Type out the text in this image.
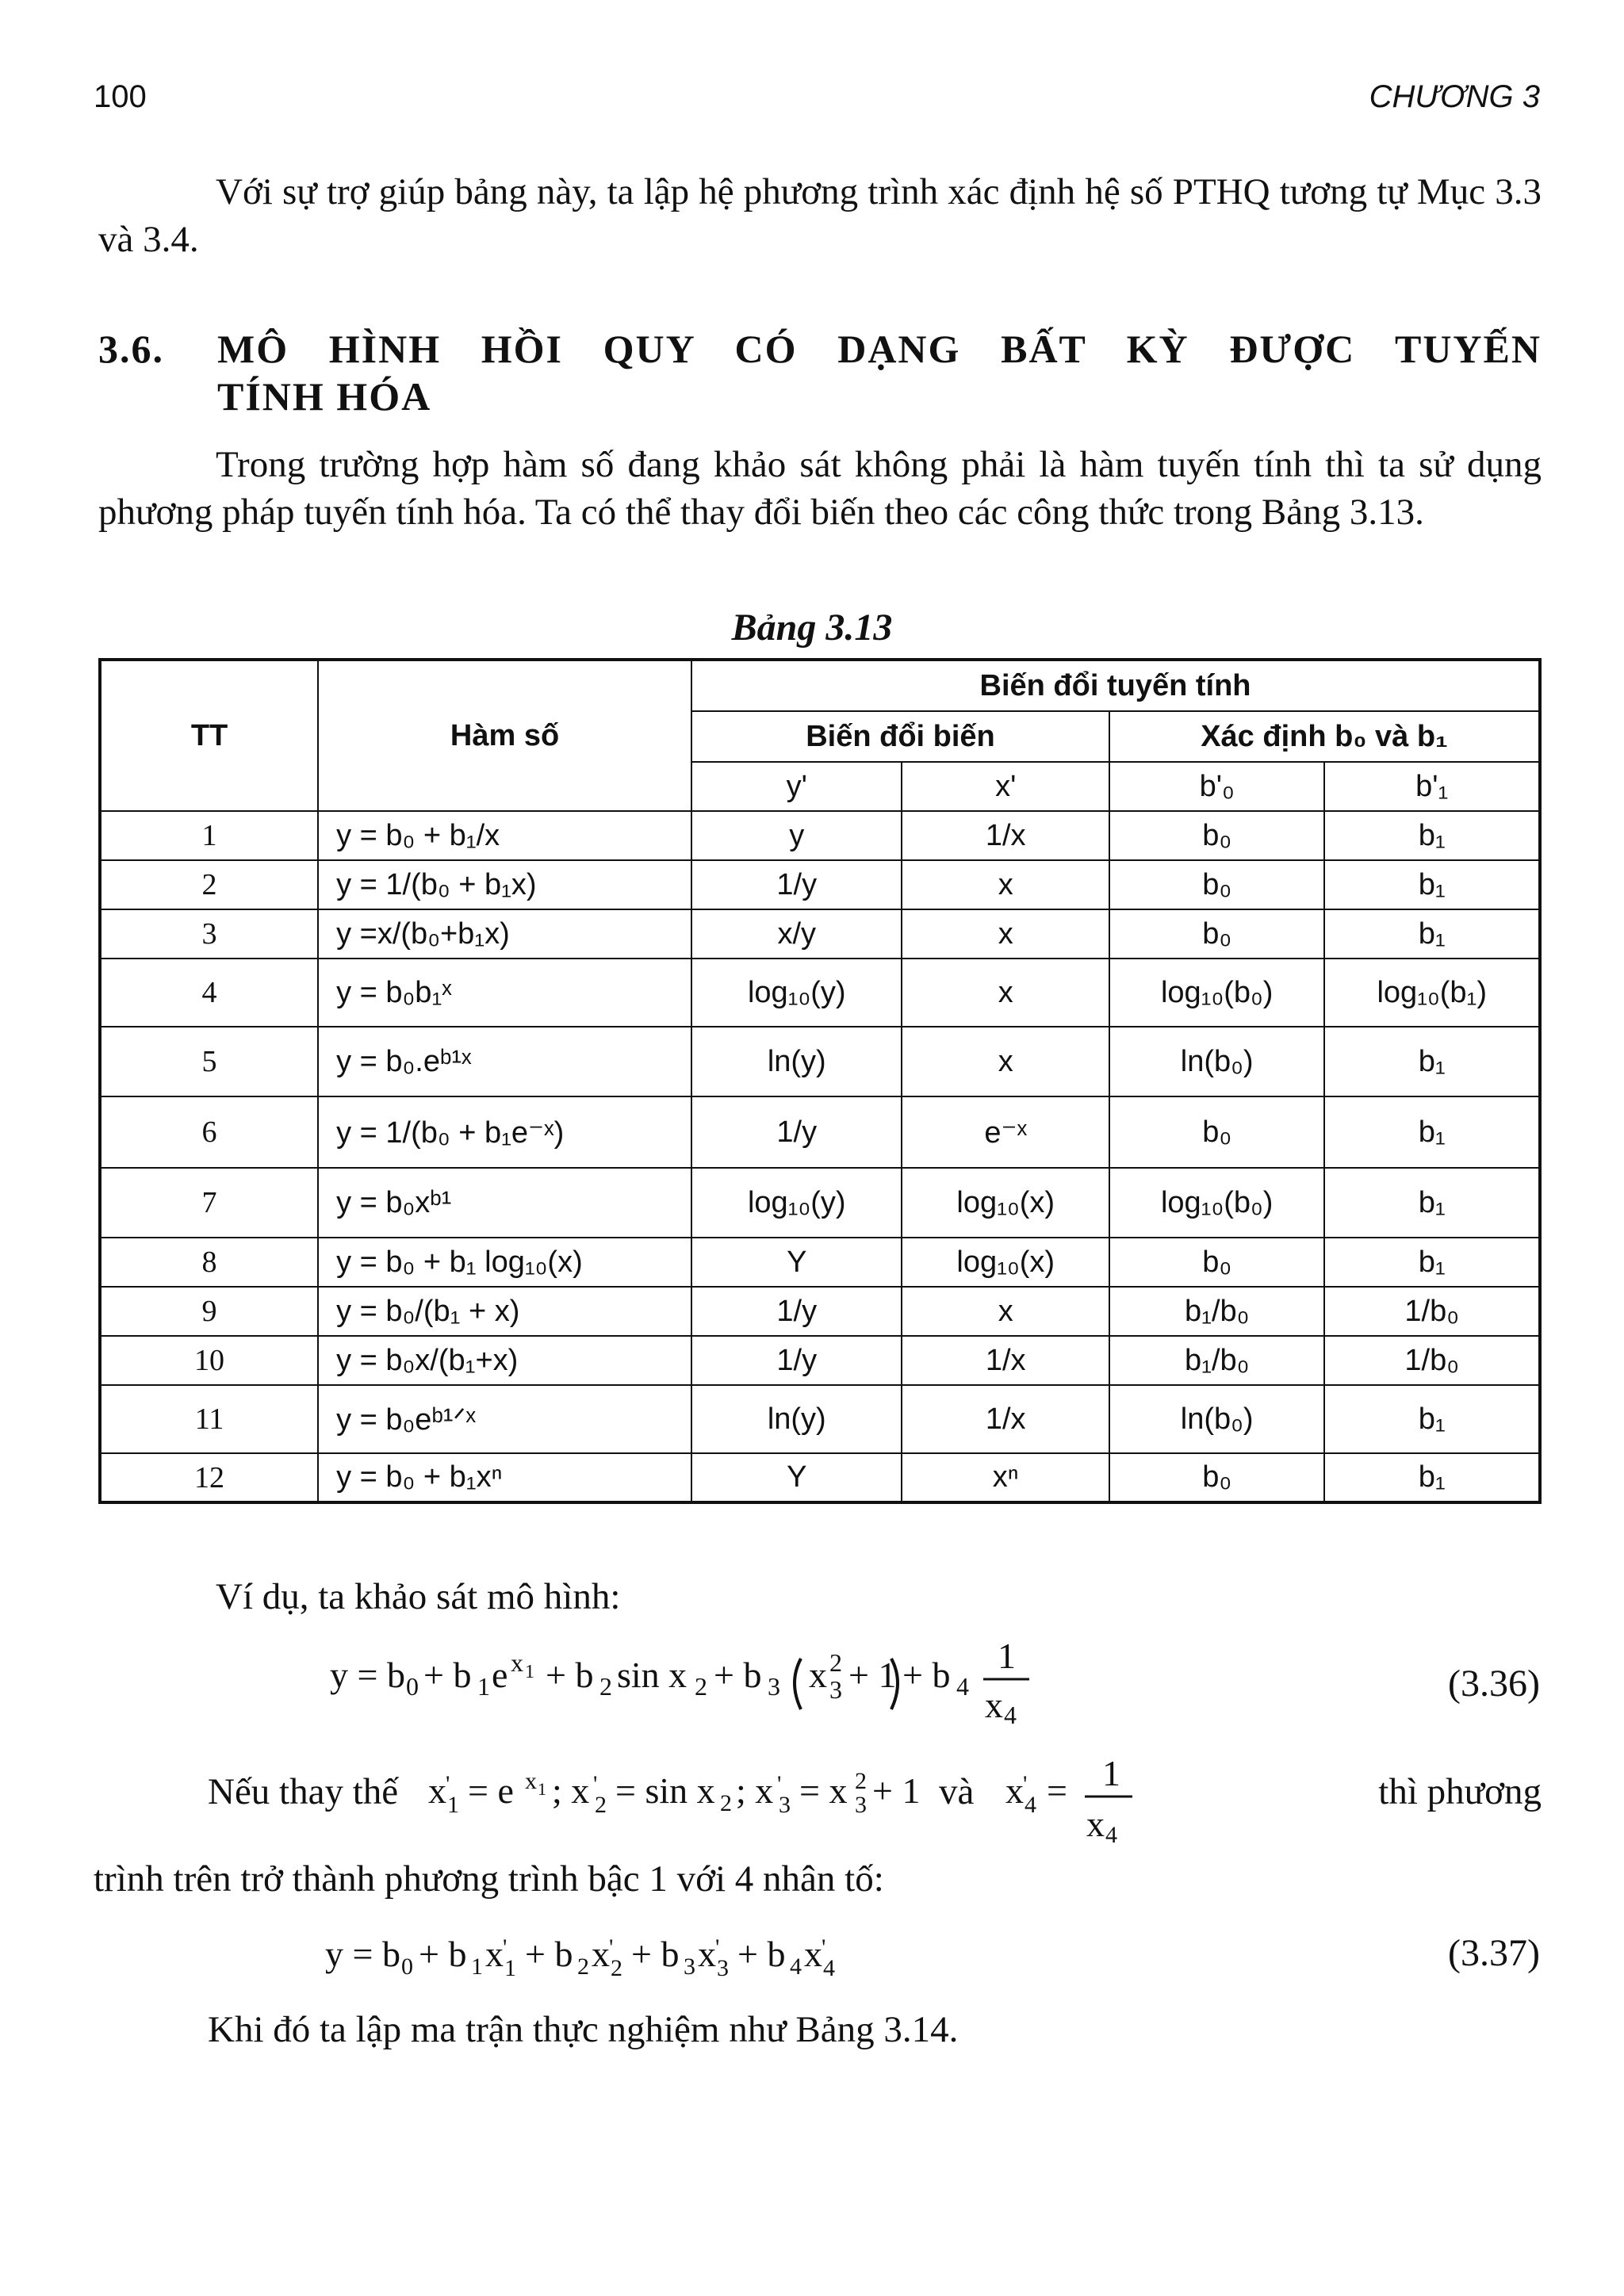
100	CHƯƠNG 3
Với sự trợ giúp bảng này, ta lập hệ phương trình xác định hệ số PTHQ tương tự Mục 3.3 và 3.4.
3.6.	MÔ HÌNH HỒI QUY CÓ DẠNG BẤT KỲ ĐƯỢC TUYẾN
TÍNH HÓA
Trong trường hợp hàm số đang khảo sát không phải là hàm tuyến tính thì ta sử dụng phương pháp tuyến tính hóa. Ta có thể thay đổi biến theo các công thức trong Bảng 3.13.
Bảng 3.13
TT	Hàm số	Biến đổi tuyến tính			
		Biến đổi biến		Xác định b₀ và b₁	
		y'	x'	b'₀	b'₁
1	y = b₀ + b₁/x	y	1/x	b₀	b₁
2	y = 1/(b₀ + b₁x)	1/y	x	b₀	b₁
3	y =x/(b₀+b₁x)	x/y	x	b₀	b₁
4	y = b₀b₁ˣ	log₁₀(y)	x	log₁₀(b₀)	log₁₀(b₁)
5	y = b₀.eᵇ¹ˣ	ln(y)	x	ln(b₀)	b₁
6	y = 1/(b₀ + b₁e⁻ˣ)	1/y	e⁻ˣ	b₀	b₁
7	y = b₀xᵇ¹	log₁₀(y)	log₁₀(x)	log₁₀(b₀)	b₁
8	y = b₀ + b₁ log₁₀(x)	Y	log₁₀(x)	b₀	b₁
9	y = b₀/(b₁ + x)	1/y	x	b₁/b₀	1/b₀
10	y = b₀x/(b₁+x)	1/y	1/x	b₁/b₀	1/b₀
11	y = b₀eᵇ¹ᐟˣ	ln(y)	1/x	ln(b₀)	b₁
12	y = b₀ + b₁xⁿ	Y	xⁿ	b₀	b₁
Ví dụ, ta khảo sát mô hình:
y = b 0 + b 1 e x 1 + b 2 sin x 2 + b 3 x 2
3 + 1 + b 4
1
x 4
(3.36)
Nếu thay thế x '
1 = e x 1 ; x '
2 = sin x 2 ; x '
3 = x 2
3 + 1 x '
4 = 1
x 4
và	thì phương
trình trên trở thành phương trình bậc 1 với 4 nhân tố:
y = b 0 + b 1 x '
1 + b 2 x '
2 + b 3 x '
3 + b 4 x '
4	(3.37)
Khi đó ta lập ma trận thực nghiệm như Bảng 3.14.
